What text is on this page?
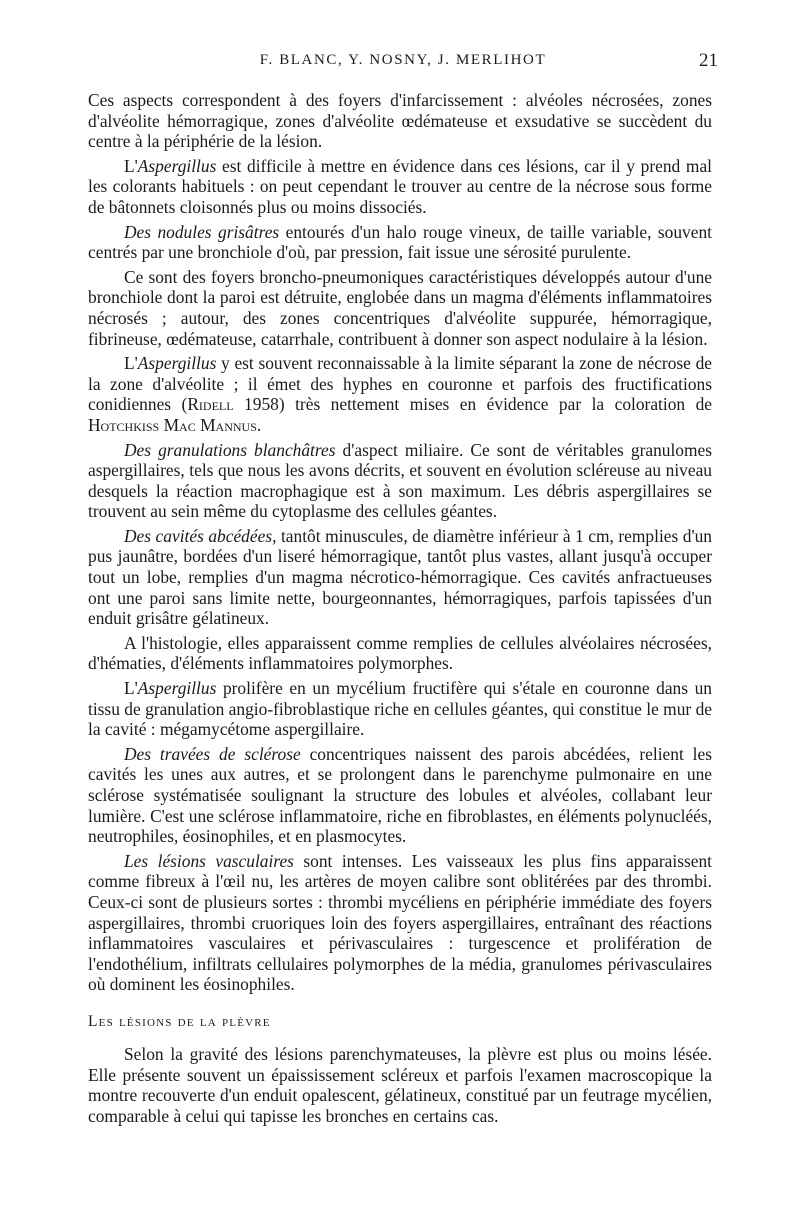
F. BLANC, Y. NOSNY, J. MERLIHOT	21

Ces aspects correspondent à des foyers d'infarcissement : alvéoles nécrosées, zones d'alvéolite hémorragique, zones d'alvéolite œdémateuse et exsudative se succèdent du centre à la périphérie de la lésion.

L'Aspergillus est difficile à mettre en évidence dans ces lésions, car il y prend mal les colorants habituels : on peut cependant le trouver au centre de la nécrose sous forme de bâtonnets cloisonnés plus ou moins dissociés.

Des nodules grisâtres entourés d'un halo rouge vineux, de taille variable, souvent centrés par une bronchiole d'où, par pression, fait issue une sérosité purulente.

Ce sont des foyers broncho-pneumoniques caractéristiques développés autour d'une bronchiole dont la paroi est détruite, englobée dans un magma d'éléments inflammatoires nécrosés ; autour, des zones concentriques d'alvéolite suppurée, hémorragique, fibrineuse, œdémateuse, catarrhale, contribuent à donner son aspect nodulaire à la lésion.

L'Aspergillus y est souvent reconnaissable à la limite séparant la zone de nécrose de la zone d'alvéolite ; il émet des hyphes en couronne et parfois des fructifications conidiennes (Ridell 1958) très nettement mises en évidence par la coloration de Hotchkiss Mac Mannus.

Des granulations blanchâtres d'aspect miliaire. Ce sont de véritables granulomes aspergillaires, tels que nous les avons décrits, et souvent en évolution scléreuse au niveau desquels la réaction macrophagique est à son maximum. Les débris aspergillaires se trouvent au sein même du cytoplasme des cellules géantes.

Des cavités abcédées, tantôt minuscules, de diamètre inférieur à 1 cm, remplies d'un pus jaunâtre, bordées d'un liseré hémorragique, tantôt plus vastes, allant jusqu'à occuper tout un lobe, remplies d'un magma nécrotico-hémorragique. Ces cavités anfractueuses ont une paroi sans limite nette, bourgeonnantes, hémorragiques, parfois tapissées d'un enduit grisâtre gélatineux.

A l'histologie, elles apparaissent comme remplies de cellules alvéolaires nécrosées, d'hématies, d'éléments inflammatoires polymorphes.

L'Aspergillus prolifère en un mycélium fructifère qui s'étale en couronne dans un tissu de granulation angio-fibroblastique riche en cellules géantes, qui constitue le mur de la cavité : mégamycétome aspergillaire.

Des travées de sclérose concentriques naissent des parois abcédées, relient les cavités les unes aux autres, et se prolongent dans le parenchyme pulmonaire en une sclérose systématisée soulignant la structure des lobules et alvéoles, collabant leur lumière. C'est une sclérose inflammatoire, riche en fibroblastes, en éléments polynucléés, neutrophiles, éosinophiles, et en plasmocytes.

Les lésions vasculaires sont intenses. Les vaisseaux les plus fins apparaissent comme fibreux à l'œil nu, les artères de moyen calibre sont oblitérées par des thrombi. Ceux-ci sont de plusieurs sortes : thrombi mycéliens en périphérie immédiate des foyers aspergillaires, thrombi cruoriques loin des foyers aspergillaires, entraînant des réactions inflammatoires vasculaires et périvasculaires : turgescence et prolifération de l'endothélium, infiltrats cellulaires polymorphes de la média, granulomes périvasculaires où dominent les éosinophiles.

Les lésions de la plèvre

Selon la gravité des lésions parenchymateuses, la plèvre est plus ou moins lésée. Elle présente souvent un épaississement scléreux et parfois l'examen macroscopique la montre recouverte d'un enduit opalescent, gélatineux, constitué par un feutrage mycélien, comparable à celui qui tapisse les bronches en certains cas.
